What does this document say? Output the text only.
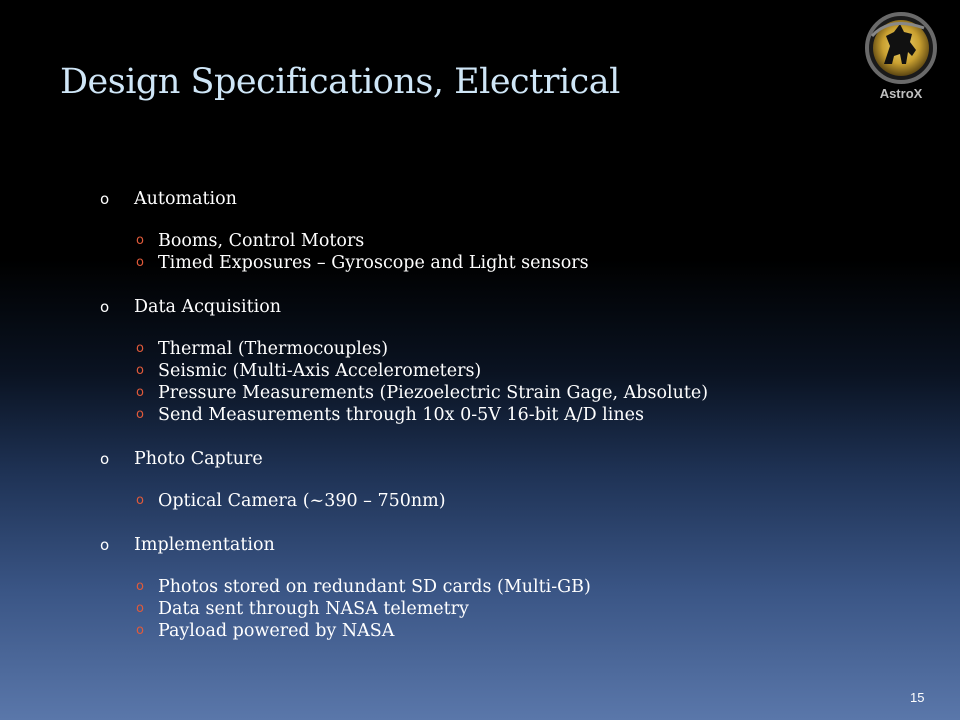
Design Specifications, Electrical	AstroX
o Automation
o Booms, Control Motors
o Timed Exposures – Gyroscope and Light sensors
o Data Acquisition
o Thermal (Thermocouples)
o Seismic (Multi-Axis Accelerometers)
o Pressure Measurements (Piezoelectric Strain Gage, Absolute)
o Send Measurements through 10x 0-5V 16-bit A/D lines
o Photo Capture
o Optical Camera (~390 – 750nm)
o Implementation
o Photos stored on redundant SD cards (Multi-GB)
o Data sent through NASA telemetry
o Payload powered by NASA
15
